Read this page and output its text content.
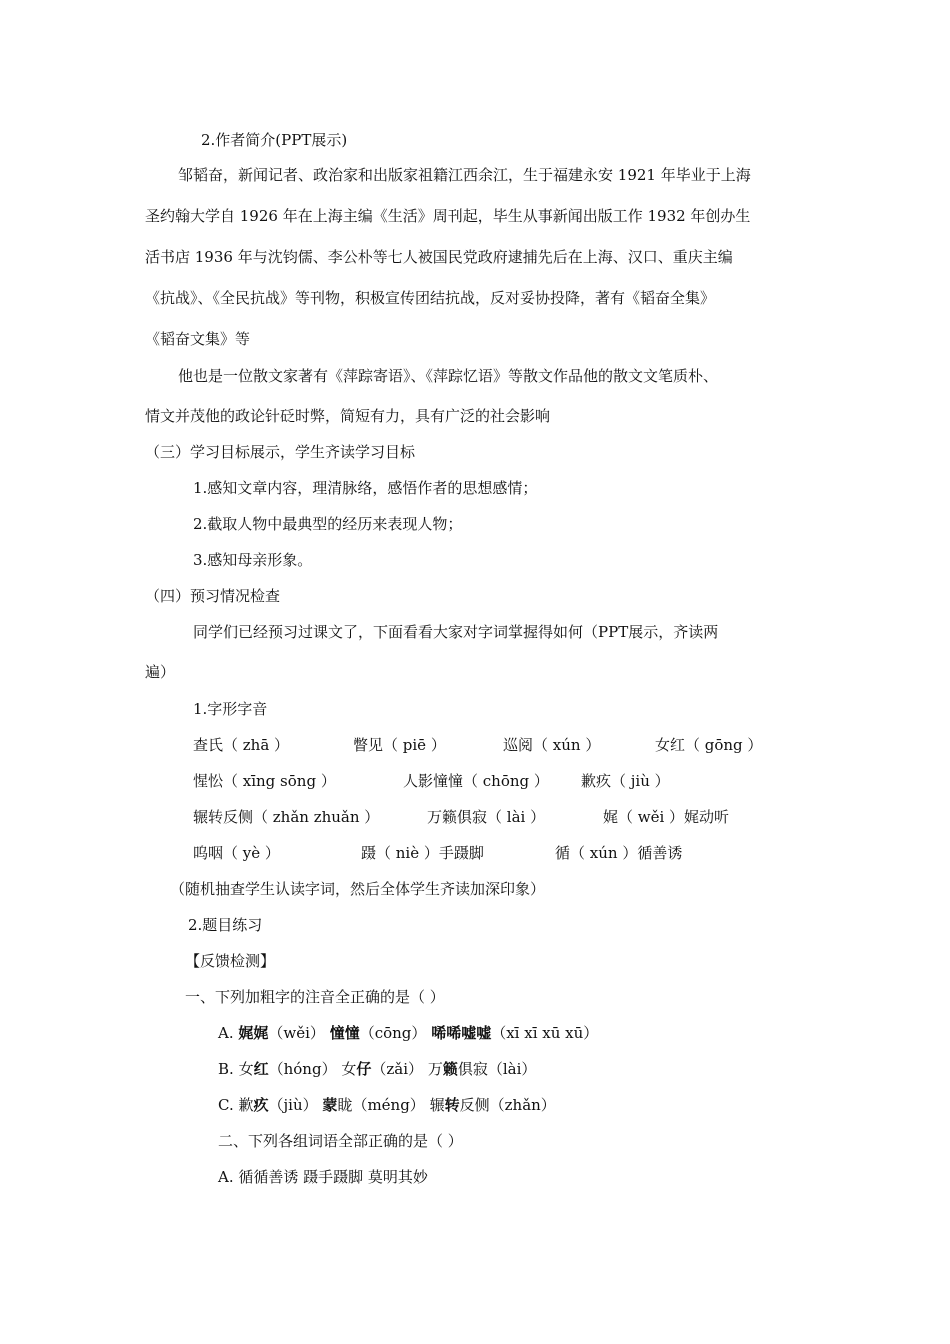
2.作者简介(PPT展示)
邹韬奋，新闻记者、政治家和出版家祖籍江西余江，生于福建永安 1921 年毕业于上海
圣约翰大学自 1926 年在上海主编《生活》周刊起，毕生从事新闻出版工作 1932 年创办生
活书店 1936 年与沈钧儒、李公朴等七人被国民党政府逮捕先后在上海、汉口、重庆主编
《抗战》、《全民抗战》等刊物，积极宣传团结抗战，反对妥协投降，著有《韬奋全集》
《韬奋文集》等
他也是一位散文家著有《萍踪寄语》、《萍踪忆语》等散文作品他的散文文笔质朴、
情文并茂他的政论针砭时弊，简短有力，具有广泛的社会影响
（三）学习目标展示，学生齐读学习目标
1.感知文章内容，理清脉络，感悟作者的思想感情；
2.截取人物中最典型的经历来表现人物；
3.感知母亲形象。
（四）预习情况检查
同学们已经预习过课文了，下面看看大家对字词掌握得如何（PPT展示，齐读两
遍）
1.字形字音
查氏（ zhā ）	瞥见（ piē ）	巡阅（ xún ）	女红（ gōng ）
惺忪（ xīng sōng ）	人影憧憧（ chōng ） 歉疚（ jiù ）
辗转反侧（ zhǎn zhuǎn ）	万籁俱寂（ lài ）	娓（ wěi ）娓动听
呜咽（ yè ）	蹑（ niè ）手蹑脚	循（ xún ）循善诱
（随机抽查学生认读字词，然后全体学生齐读加深印象）
2.题目练习
【反馈检测】
一、下列加粗字的注音全正确的是（ ）
A. 娓娓（wěi） 憧憧（cōng） 唏唏嘘嘘（xī xī xū xū）
B. 女红（hóng） 女仔（zǎi） 万籁俱寂（lài）
C. 歉疚（jiù） 蒙眬（méng） 辗转反侧（zhǎn）
二、下列各组词语全部正确的是（ ）
A. 循循善诱 蹑手蹑脚 莫明其妙
